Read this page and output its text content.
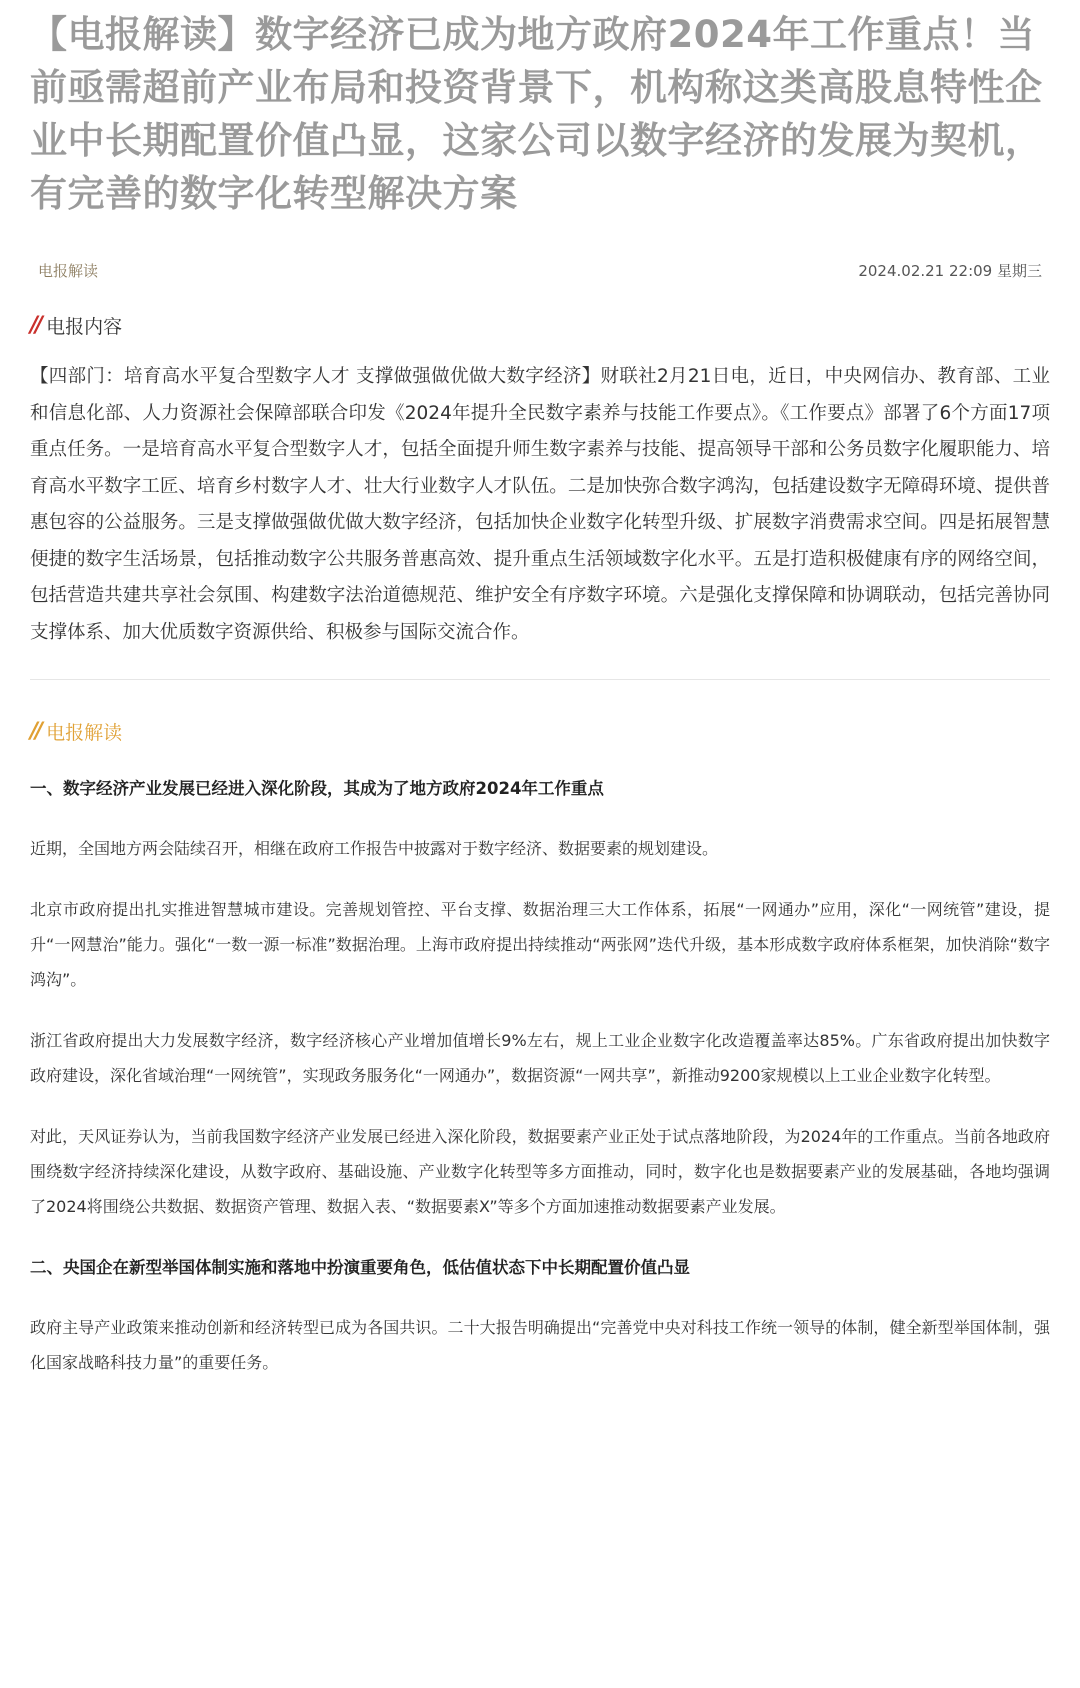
【电报解读】数字经济已成为地方政府2024年工作重点！当前亟需超前产业布局和投资背景下，机构称这类高股息特性企业中长期配置价值凸显，这家公司以数字经济的发展为契机，有完善的数字化转型解决方案
电报解读	2024.02.21 22:09 星期三
// 电报内容

【四部门：培育高水平复合型数字人才 支撑做强做优做大数字经济】财联社2月21日电，近日，中央网信办、教育部、工业和信息化部、人力资源社会保障部联合印发《2024年提升全民数字素养与技能工作要点》。《工作要点》部署了6个方面17项重点任务。一是培育高水平复合型数字人才，包括全面提升师生数字素养与技能、提高领导干部和公务员数字化履职能力、培育高水平数字工匠、培育乡村数字人才、壮大行业数字人才队伍。二是加快弥合数字鸿沟，包括建设数字无障碍环境、提供普惠包容的公益服务。三是支撑做强做优做大数字经济，包括加快企业数字化转型升级、扩展数字消费需求空间。四是拓展智慧便捷的数字生活场景，包括推动数字公共服务普惠高效、提升重点生活领域数字化水平。五是打造积极健康有序的网络空间，包括营造共建共享社会氛围、构建数字法治道德规范、维护安全有序数字环境。六是强化支撑保障和协调联动，包括完善协同支撑体系、加大优质数字资源供给、积极参与国际交流合作。

// 电报解读
一、数字经济产业发展已经进入深化阶段，其成为了地方政府2024年工作重点

近期，全国地方两会陆续召开，相继在政府工作报告中披露对于数字经济、数据要素的规划建设。

北京市政府提出扎实推进智慧城市建设。完善规划管控、平台支撑、数据治理三大工作体系，拓展“一网通办”应用，深化“一网统管”建设，提升“一网慧治”能力。强化“一数一源一标准”数据治理。上海市政府提出持续推动“两张网”迭代升级，基本形成数字政府体系框架，加快消除“数字鸿沟”。

浙江省政府提出大力发展数字经济，数字经济核心产业增加值增长9%左右，规上工业企业数字化改造覆盖率达85%。广东省政府提出加快数字政府建设，深化省域治理“一网统管”，实现政务服务化“一网通办”，数据资源“一网共享”，新推动9200家规模以上工业企业数字化转型。

对此，天风证券认为，当前我国数字经济产业发展已经进入深化阶段，数据要素产业正处于试点落地阶段，为2024年的工作重点。当前各地政府围绕数字经济持续深化建设，从数字政府、基础设施、产业数字化转型等多方面推动，同时，数字化也是数据要素产业的发展基础，各地均强调了2024将围绕公共数据、数据资产管理、数据入表、“数据要素X”等多个方面加速推动数据要素产业发展。

二、央国企在新型举国体制实施和落地中扮演重要角色，低估值状态下中长期配置价值凸显

政府主导产业政策来推动创新和经济转型已成为各国共识。二十大报告明确提出“完善党中央对科技工作统一领导的体制，健全新型举国体制，强化国家战略科技力量”的重要任务。
